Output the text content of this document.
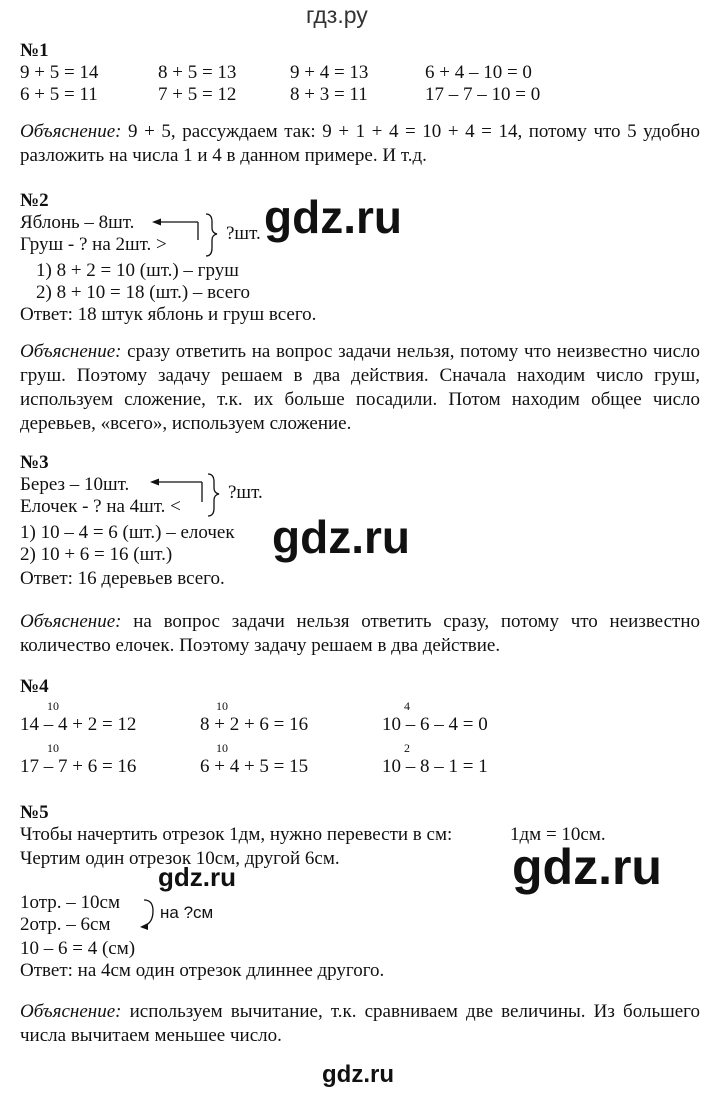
гдз.ру
№1
9 + 5 = 14	8 + 5 = 13	9 + 4 = 13	6 + 4 – 10 = 0
6 + 5 = 11	7 + 5 = 12	8 + 3 = 11	17 – 7 – 10 = 0
Объяснение: 9 + 5, рассуждаем так: 9 + 1 + 4 = 10 + 4 = 14, потому что 5 удобно разложить на числа 1 и 4 в данном примере. И т.д.
№2
Яблонь – 8шт.
Груш - ? на 2шт. >
?шт.
1) 8 + 2 = 10 (шт.) – груш
2) 8 + 10 = 18 (шт.) – всего
Ответ: 18 штук яблонь и груш всего.
Объяснение: сразу ответить на вопрос задачи нельзя, потому что неизвестно число груш. Поэтому задачу решаем в два действия. Сначала находим число груш, используем сложение, т.к. их больше посадили. Потом находим общее число деревьев, «всего», используем сложение.
№3
Берез – 10шт.
Елочек - ? на 4шт. <
?шт.
1) 10 – 4 = 6 (шт.) – елочек
2) 10 + 6 = 16 (шт.)
Ответ: 16 деревьев всего.
Объяснение: на вопрос задачи нельзя ответить сразу, потому что неизвестно количество елочек. Поэтому задачу решаем в два действие.
№4
10	10	4
14 – 4 + 2 = 12	8 + 2 + 6 = 16	10 – 6 – 4 = 0
10	10	2
17 – 7 + 6 = 16	6 + 4 + 5 = 15	10 – 8 – 1 = 1
№5
Чтобы начертить отрезок 1дм, нужно перевести в см:	1дм = 10см.
Чертим один отрезок 10см, другой 6см.
1отр. – 10см
2отр. – 6см
на ?см
10 – 6 = 4 (см)
Ответ: на 4см один отрезок длиннее другого.
Объяснение: используем вычитание, т.к. сравниваем две величины. Из большего числа вычитаем меньшее число.
gdz.ru
gdz.ru
gdz.ru
gdz.ru
gdz.ru
